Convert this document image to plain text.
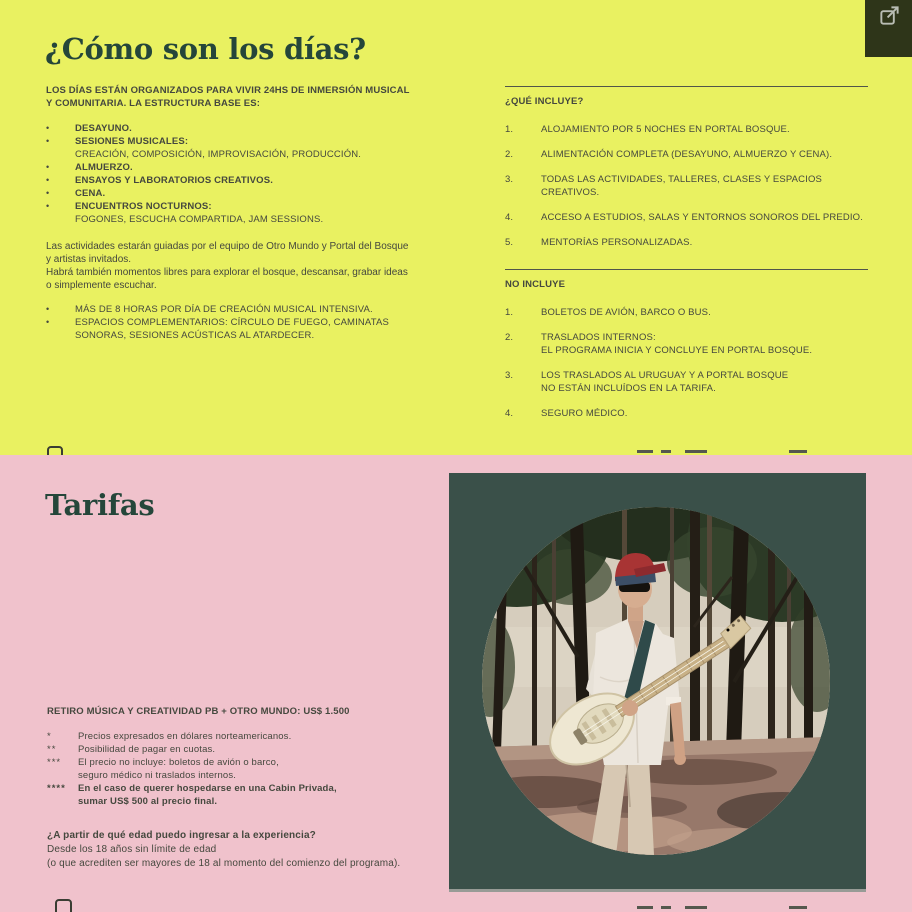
¿Cómo son los días?
LOS DÍAS ESTÁN ORGANIZADOS PARA VIVIR 24HS DE INMERSIÓN MUSICAL Y COMUNITARIA. LA ESTRUCTURA BASE ES:
•
DESAYUNO.
•
SESIONES MUSICALES:
CREACIÓN, COMPOSICIÓN, IMPROVISACIÓN, PRODUCCIÓN.
•
ALMUERZO.
•
ENSAYOS Y LABORATORIOS CREATIVOS.
•
CENA.
•
ENCUENTROS NOCTURNOS:
FOGONES, ESCUCHA COMPARTIDA, JAM SESSIONS.
Las actividades estarán guiadas por el equipo de Otro Mundo y Portal del Bosque y artistas invitados.
Habrá también momentos libres para explorar el bosque, descansar, grabar ideas o simplemente escuchar.
•
MÁS DE 8 HORAS POR DÍA DE CREACIÓN MUSICAL INTENSIVA.
•
ESPACIOS COMPLEMENTARIOS: CÍRCULO DE FUEGO, CAMINATAS SONORAS, SESIONES ACÚSTICAS AL ATARDECER.
¿QUÉ INCLUYE?
1.	ALOJAMIENTO POR 5 NOCHES EN PORTAL BOSQUE.
2.	ALIMENTACIÓN COMPLETA (DESAYUNO, ALMUERZO Y CENA).
3.	TODAS LAS ACTIVIDADES, TALLERES, CLASES Y ESPACIOS
CREATIVOS.
4.	ACCESO A ESTUDIOS, SALAS Y ENTORNOS SONOROS DEL PREDIO.
5.	MENTORÍAS PERSONALIZADAS.
NO INCLUYE
1.	BOLETOS DE AVIÓN, BARCO O BUS.
2.	TRASLADOS INTERNOS:
EL PROGRAMA INICIA Y CONCLUYE EN PORTAL BOSQUE.
3.	LOS TRASLADOS AL URUGUAY Y A PORTAL BOSQUE
NO ESTÁN INCLUÍDOS EN LA TARIFA.
4.	SEGURO MÉDICO.
Tarifas
RETIRO MÚSICA Y CREATIVIDAD PB + OTRO MUNDO: US$ 1.500
*	Precios expresados en dólares norteamericanos.
**	Posibilidad de pagar en cuotas.
***	El precio no incluye: boletos de avión o barco,
seguro médico ni traslados internos.
****	En el caso de querer hospedarse en una Cabin Privada,
sumar US$ 500 al precio final.
¿A partir de qué edad puedo ingresar a la experiencia?
Desde los 18 años sin límite de edad
(o que acrediten ser mayores de 18 al momento del comienzo del programa).
